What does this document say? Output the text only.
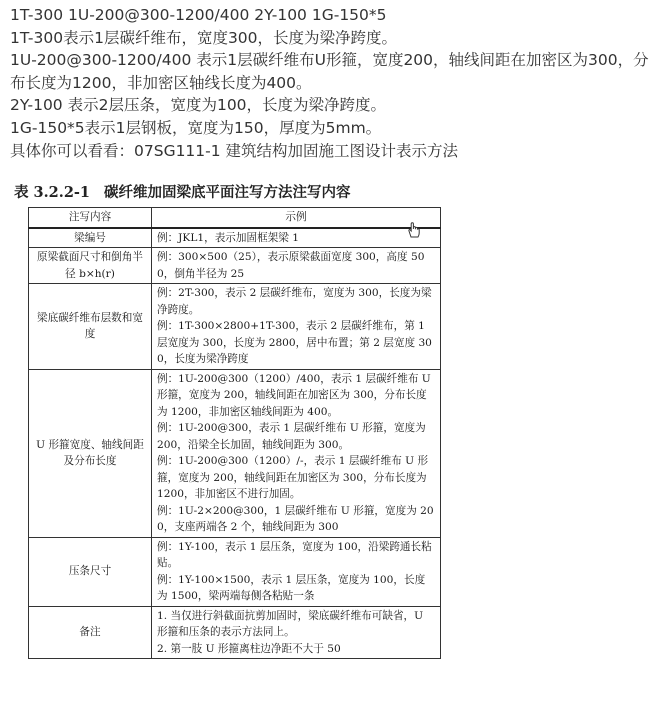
1T-300 1U-200@300-1200/400 2Y-100 1G-150*5

1T-300表示1层碳纤维布，宽度300，长度为梁净跨度。

1U-200@300-1200/400 表示1层碳纤维布U形箍，宽度200，轴线间距在加密区为300，分布长度为1200，非加密区轴线长度为400。

2Y-100 表示2层压条，宽度为100，长度为梁净跨度。

1G-150*5表示1层钢板，宽度为150，厚度为5mm。

具体你可以看看：07SG111-1 建筑结构加固施工图设计表示方法

表 3.2.2-1 碳纤维加固梁底平面注写方法注写内容
注写内容	示例
梁编号	例：JKL1，表示加固框架梁 1

原梁截面尺寸和倒角半径 b×h(r)	例：300×500（25），表示原梁截面宽度 300，高度 500，倒角半径为 25

梁底碳纤维布层数和宽度	例：2T-300，表示 2 层碳纤维布，宽度为 300，长度为梁净跨度。
例：1T-300×2800+1T-300，表示 2 层碳纤维布，第 1 层宽度为 300，长度为 2800，居中布置；第 2 层宽度 300，长度为梁净跨度

U 形箍宽度、轴线间距及分布长度	例：1U-200@300（1200）/400，表示 1 层碳纤维布 U 形箍，宽度为 200，轴线间距在加密区为 300，分布长度为 1200，非加密区轴线间距为 400。
例：1U-200@300，表示 1 层碳纤维布 U 形箍，宽度为 200，沿梁全长加固，轴线间距为 300。
例：1U-200@300（1200）/-，表示 1 层碳纤维布 U 形箍，宽度为 200，轴线间距在加密区为 300，分布长度为 1200，非加密区不进行加固。
例：1U-2×200@300，1 层碳纤维布 U 形箍，宽度为 200，支座两端各 2 个，轴线间距为 300

压条尺寸	例：1Y-100，表示 1 层压条，宽度为 100，沿梁跨通长粘贴。
例：1Y-100×1500，表示 1 层压条，宽度为 100，长度为 1500，梁两端每侧各粘贴一条

备注	1. 当仅进行斜截面抗剪加固时，梁底碳纤维布可缺省，U 形箍和压条的表示方法同上。
2. 第一肢 U 形箍离柱边净距不大于 50
